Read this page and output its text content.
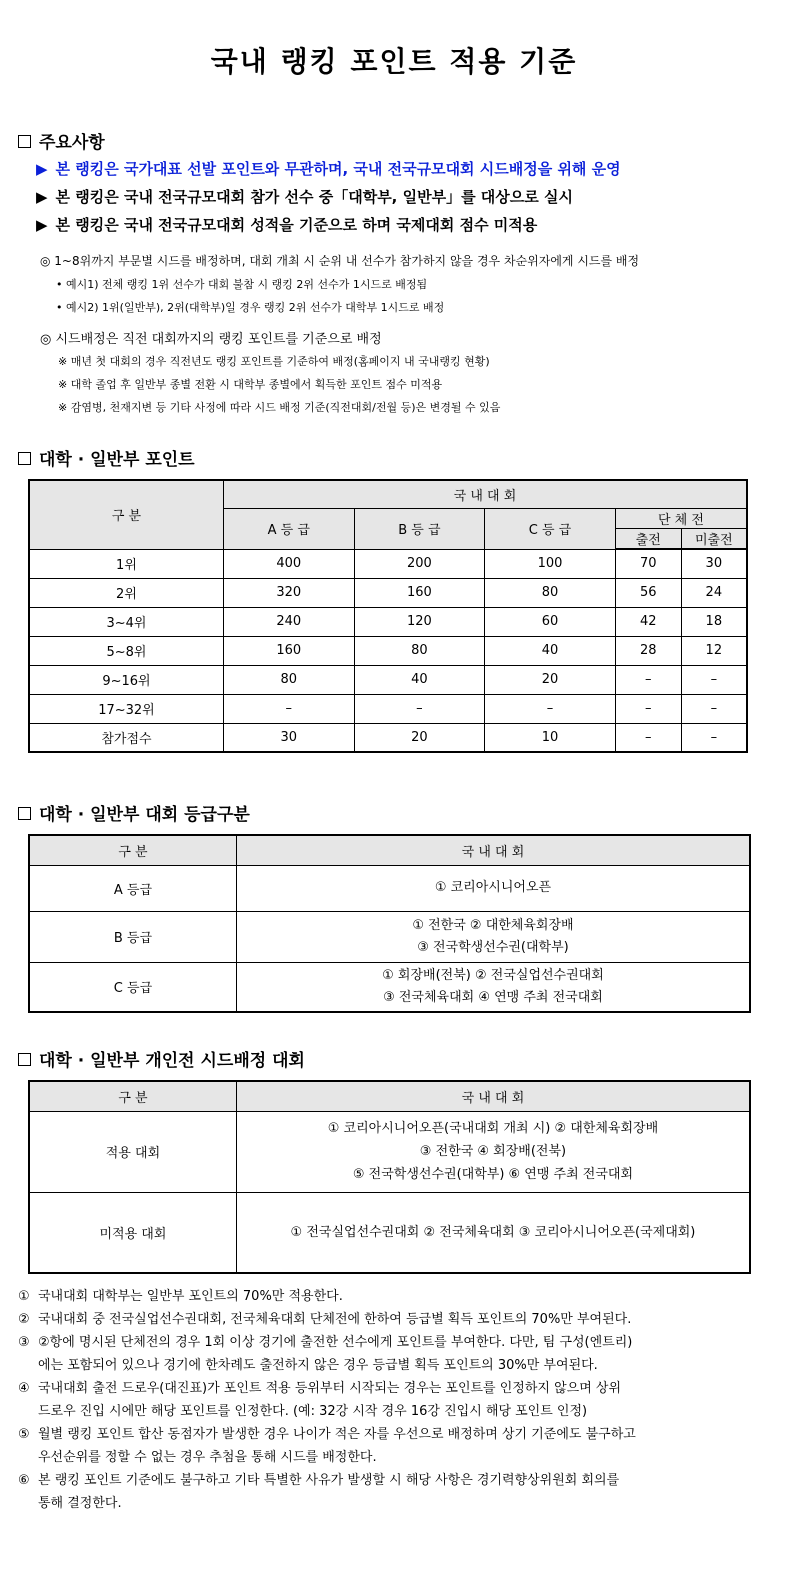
국내 랭킹 포인트 적용 기준
주요사항
▶ 본 랭킹은 국가대표 선발 포인트와 무관하며, 국내 전국규모대회 시드배정을 위해 운영
▶ 본 랭킹은 국내 전국규모대회 참가 선수 중「대학부, 일반부」를 대상으로 실시
▶ 본 랭킹은 국내 전국규모대회 성적을 기준으로 하며 국제대회 점수 미적용
◎ 1~8위까지 부문별 시드를 배정하며, 대회 개최 시 순위 내 선수가 참가하지 않을 경우 차순위자에게 시드를 배정
• 예시1) 전체 랭킹 1위 선수가 대회 불참 시 랭킹 2위 선수가 1시드로 배정됨
• 예시2) 1위(일반부), 2위(대학부)일 경우 랭킹 2위 선수가 대학부 1시드로 배정
◎ 시드배정은 직전 대회까지의 랭킹 포인트를 기준으로 배정
※ 매년 첫 대회의 경우 직전년도 랭킹 포인트를 기준하여 배정(홈페이지 내 국내랭킹 현황)
※ 대학 졸업 후 일반부 종별 전환 시 대학부 종별에서 획득한 포인트 점수 미적용
※ 감염병, 천재지변 등 기타 사정에 따라 시드 배정 기준(직전대회/전월 등)은 변경될 수 있음
대학 · 일반부 포인트
구 분	국 내 대 회				
	A 등 급	B 등 급	C 등 급	단 체 전	
				출전	미출전
1위	400	200	100	70	30
2위	320	160	80	56	24
3~4위	240	120	60	42	18
5~8위	160	80	40	28	12
9~16위	80	40	20	–	–
17~32위	–	–	–	–	–
참가점수	30	20	10	–	–
대학 · 일반부 대회 등급구분
구 분	국 내 대 회
A 등급	① 코리아시니어오픈

B 등급	① 전한국 ② 대한체육회장배
③ 전국학생선수권(대학부)

C 등급	① 회장배(전북) ② 전국실업선수권대회
③ 전국체육대회 ④ 연맹 주최 전국대회
대학 · 일반부 개인전 시드배정 대회
구 분	국 내 대 회
적용 대회	① 코리아시니어오픈(국내대회 개최 시) ② 대한체육회장배
③ 전한국 ④ 회장배(전북)
⑤ 전국학생선수권(대학부) ⑥ 연맹 주최 전국대회

미적용 대회	① 전국실업선수권대회 ② 전국체육대회 ③ 코리아시니어오픈(국제대회)
① 국내대회 대학부는 일반부 포인트의 70%만 적용한다.
② 국내대회 중 전국실업선수권대회, 전국체육대회 단체전에 한하여 등급별 획득 포인트의 70%만 부여된다.
③ ②항에 명시된 단체전의 경우 1회 이상 경기에 출전한 선수에게 포인트를 부여한다. 다만, 팀 구성(엔트리)
에는 포함되어 있으나 경기에 한차례도 출전하지 않은 경우 등급별 획득 포인트의 30%만 부여된다.
④ 국내대회 출전 드로우(대진표)가 포인트 적용 등위부터 시작되는 경우는 포인트를 인정하지 않으며 상위
드로우 진입 시에만 해당 포인트를 인정한다. (예: 32강 시작 경우 16강 진입시 해당 포인트 인정)
⑤ 월별 랭킹 포인트 합산 동점자가 발생한 경우 나이가 적은 자를 우선으로 배정하며 상기 기준에도 불구하고
우선순위를 정할 수 없는 경우 추첨을 통해 시드를 배정한다.
⑥ 본 랭킹 포인트 기준에도 불구하고 기타 특별한 사유가 발생할 시 해당 사항은 경기력향상위원회 회의를
통해 결정한다.
